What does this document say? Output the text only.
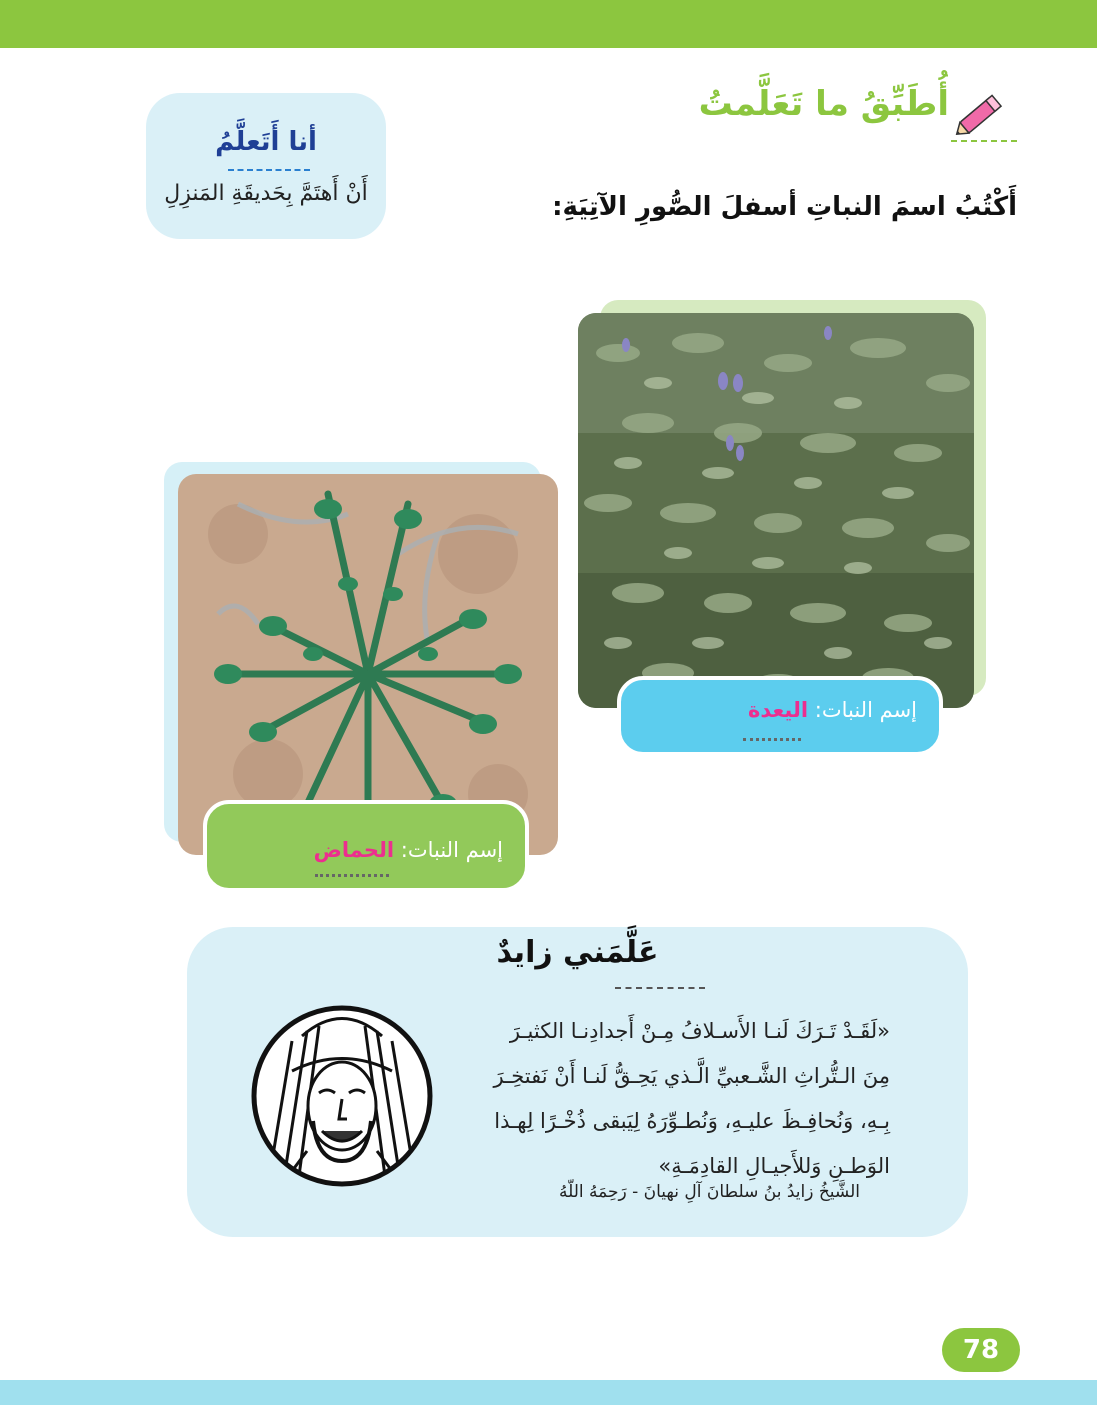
أُطَبِّقُ ما تَعَلَّمتُ
أنا أَتَعلَّمُ
أَنْ أَهتَمَّ بِحَديقَةِ المَنزِلِ	أَكْتُبُ اسمَ النباتِ أسفلَ الصُّورِ الآتِيَةِ:
إسم النبات: اليعدة
إسم النبات: الحماض
عَلَّمَني زايدٌ
«لَقَـدْ تَـرَكَ لَنـا الأَسـلافُ مِـنْ أَجدادِنـا الكثيـرَ
مِنَ الـتُّراثِ الشَّـعبيِّ الَّـذي يَحِـقُّ لَنـا أَنْ نَفتخِـرَ
بِـهِ، وَنُحافِـظَ عليـهِ، وَنُطـوِّرَهُ لِيَبقى ذُخْـرًا لِهـذا
الوَطـنِ وَللأَجيـالِ القادِمَـةِ»
الشَّيخُ زايدُ بنُ سلطانَ آلِ نهيانَ - رَحِمَهُ اللّهُ
78
